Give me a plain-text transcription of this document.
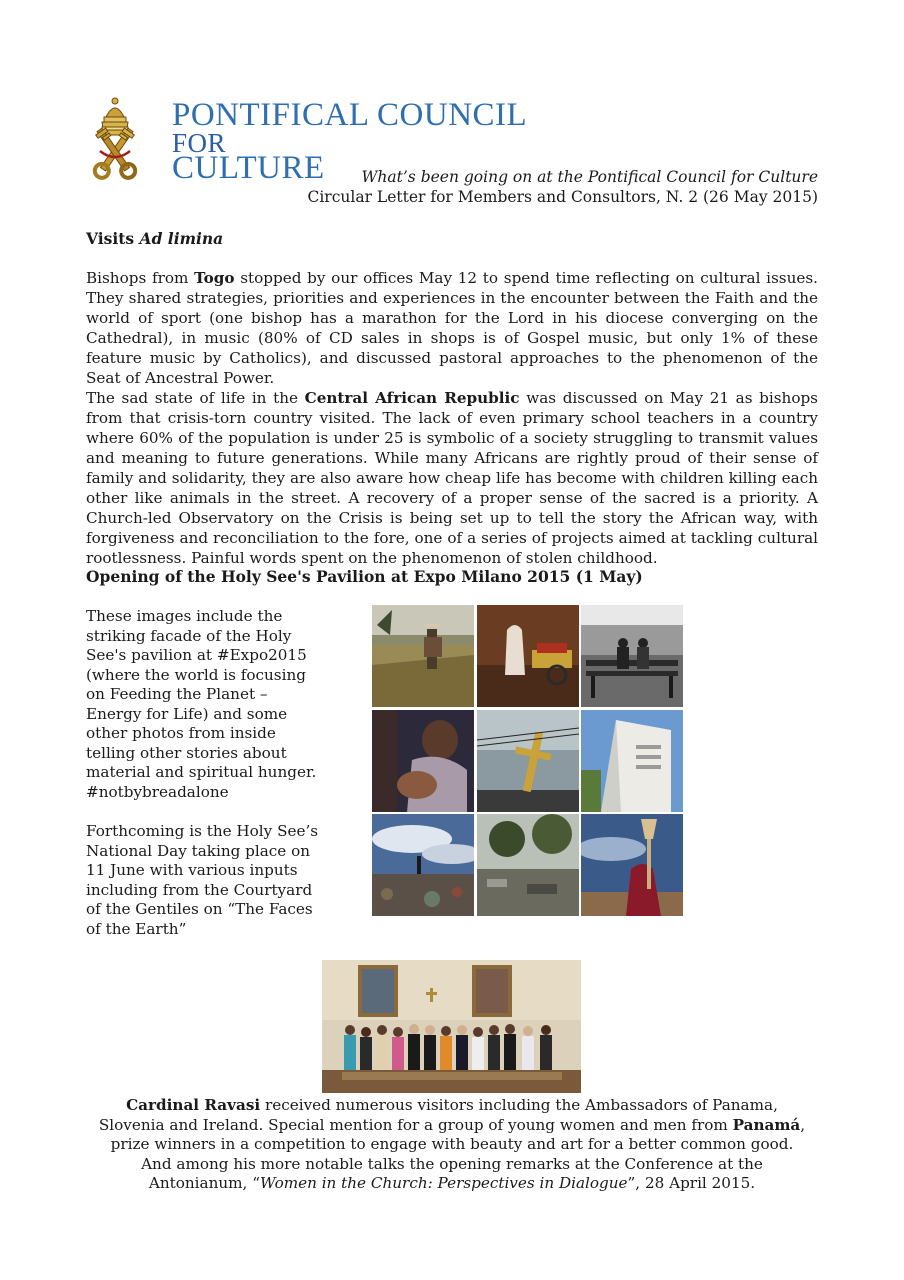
PONTIFICAL COUNCIL
FOR
CULTURE What’s been going on at the Pontifical Council for Culture
Circular Letter for Members and Consultors, N. 2 (26 May 2015)
Visits Ad limina
Bishops from Togo stopped by our offices May 12 to spend time reflecting on cultural issues. They shared strategies, priorities and experiences in the encounter between the Faith and the world of sport (one bishop has a marathon for the Lord in his diocese converging on the Cathedral), in music (80% of CD sales in shops is of Gospel music, but only 1% of these feature music by Catholics), and discussed pastoral approaches to the phenomenon of the Seat of Ancestral Power.
The sad state of life in the Central African Republic was discussed on May 21 as bishops from that crisis-torn country visited. The lack of even primary school teachers in a country where 60% of the population is under 25 is symbolic of a society struggling to transmit values and meaning to future generations. While many Africans are rightly proud of their sense of family and solidarity, they are also aware how cheap life has become with children killing each other like animals in the street. A recovery of a proper sense of the sacred is a priority. A Church-led Observatory on the Crisis is being set up to tell the story the African way, with forgiveness and reconciliation to the fore, one of a series of projects aimed at tackling cultural rootlessness. Painful words spent on the phenomenon of stolen childhood.
Opening of the Holy See's Pavilion at Expo Milano 2015 (1 May)

These images include the striking facade of the Holy See's pavilion at #Expo2015 (where the world is focusing on Feeding the Planet – Energy for Life) and some other photos from inside telling other stories about material and spiritual hunger. #notbybreadalone

Forthcoming is the Holy See’s National Day taking place on 11 June with various inputs including from the Courtyard of the Gentiles on “The Faces of the Earth”

Cardinal Ravasi received numerous visitors including the Ambassadors of Panama, Slovenia and Ireland. Special mention for a group of young women and men from Panamá, prize winners in a competition to engage with beauty and art for a better common good. And among his more notable talks the opening remarks at the Conference at the Antonianum, “Women in the Church: Perspectives in Dialogue”, 28 April 2015.
